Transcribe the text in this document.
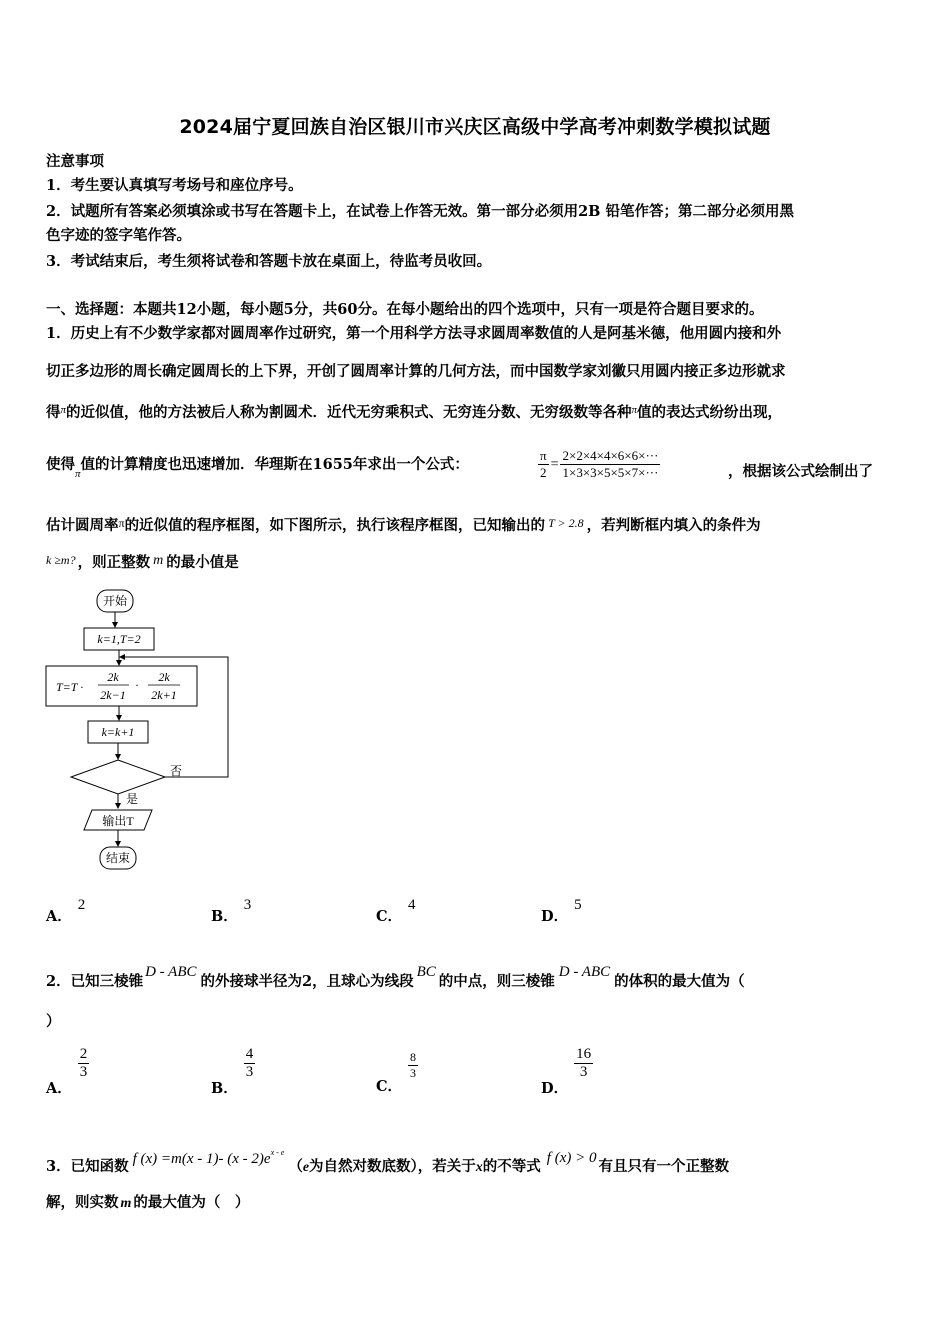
2024届宁夏回族自治区银川市兴庆区高级中学高考冲刺数学模拟试题
注意事项
1．考生要认真填写考场号和座位序号。
2．试题所有答案必须填涂或书写在答题卡上，在试卷上作答无效。第一部分必须用2B 铅笔作答；第二部分必须用黑
色字迹的签字笔作答。
3．考试结束后，考生须将试卷和答题卡放在桌面上，待监考员收回。
一、选择题：本题共12小题，每小题5分，共60分。在每小题给出的四个选项中，只有一项是符合题目要求的。
1．历史上有不少数学家都对圆周率作过研究，第一个用科学方法寻求圆周率数值的人是阿基米德，他用圆内接和外
切正多边形的周长确定圆周长的上下界，开创了圆周率计算的几何方法，而中国数学家刘徽只用圆内接正多边形就求
得$^\pi$的近似值，他的方法被后人称为割圆术．近代无穷乘积式、无穷连分数、无穷级数等各种$^\pi$值的表达式纷纷出现，
使得$_\pi$值的计算精度也迅速增加．华理斯在1655年求出一个公式：	$\frac{\pi}{2} = \frac{2\times 2\times 4\times 4\times 6\times 6\times\cdot\cdot\cdot}{1\times 3\times 3\times 5\times 5\times 7\times\cdot\cdot\cdot}$	，根据该公式绘制出了
估计圆周率$^\pi$的近似值的程序框图，如下图所示，执行该程序框图，已知输出的 $^{T > 2.8}$ ，若判断框内填入的条件为
$^{k \ge m?}$ ，则正整数 m 的最小值是
开始
k=1,T=2
T=T ·
2k
2k−1
·
2k
2k+1
k=k+1
否
是
输出T
结束
A．2
B．3
C．4
D．5
2．已知三棱锥D - ABC的外接球半径为2，且球心为线段BC的中点，则三棱锥D - ABC的体积的最大值为（
）
A．
$\frac{2}{3}$
B．
$\frac{4}{3}$
C．
$\frac{8}{3}$
D．
$\frac{16}{3}$
3．已知函数 f (x) =m(x - 1)- $(x - 2)e^{x - e}(e$为自然对数底数），若关于x的不等式 f (x) > 0 有且只有一个正整数
解，则实数 m 的最大值为（　）
